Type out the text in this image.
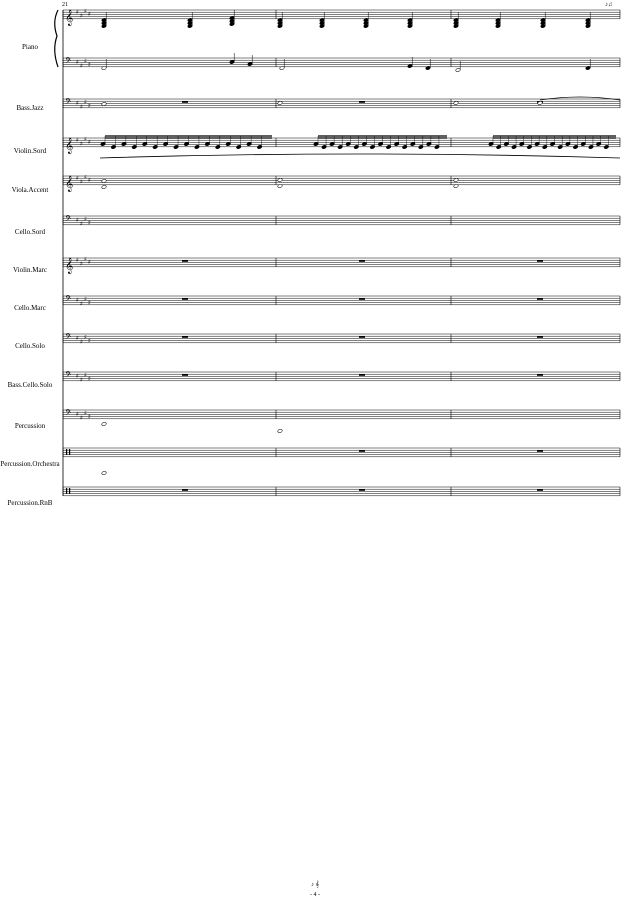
𝄞 ♯ ♯
♯ ♯
𝄢 ♯ ♯
♯ ♯
𝄢 ♯ ♯
♯ ♯
𝄞 ♯ ♯
♯ ♯
𝄞 ♯ ♯
♯ ♯
𝄢 ♯ ♯
♯ ♯
𝄞 ♯ ♯
♯ ♯
𝄢 ♯ ♯
♯ ♯
𝄢 ♯ ♯
♯ ♯
𝄢 ♯ ♯
♯ ♯
𝄢 ♯ ♯
♯ ♯
21	♪♫
Piano
Bass.Jazz
Violin.Sord
Viola.Accent
Cello.Sord
Violin.Marc
Cello.Marc
Cello.Solo
Bass.Cello.Solo
Percussion
Percussion.Orchestra
Percussion.RnB
♪ 𝄞
- 4 -
